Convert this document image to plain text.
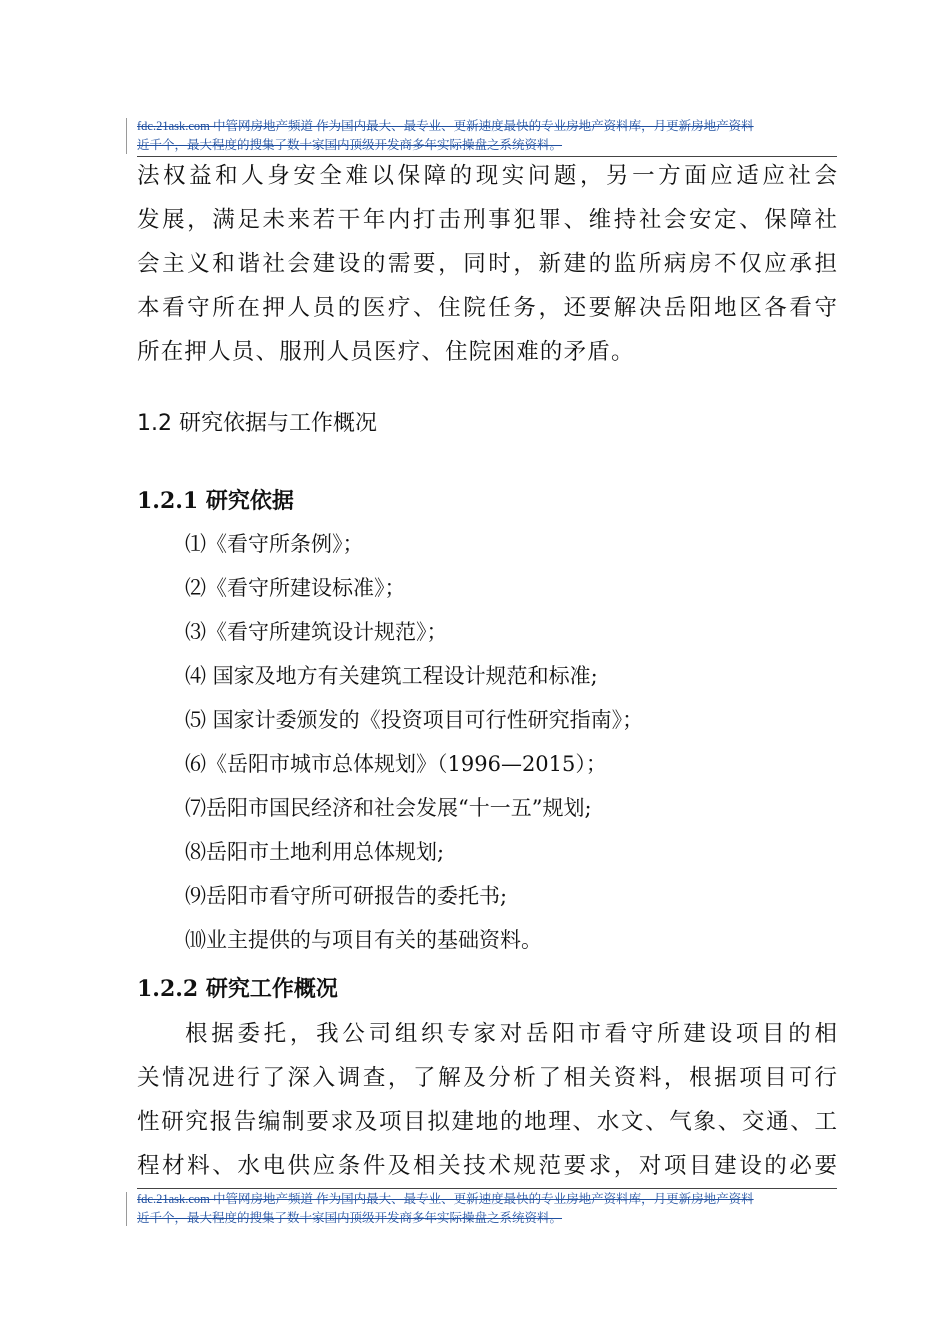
fdc.21ask.com 中管网房地产频道 作为国内最大、最专业、更新速度最快的专业房地产资料库，月更新房地产资料
近千个，最大程度的搜集了数十家国内顶级开发商多年实际操盘之系统资料。
法权益和人身安全难以保障的现实问题，另一方面应适应社会
发展，满足未来若干年内打击刑事犯罪、维持社会安定、保障社
会主义和谐社会建设的需要，同时，新建的监所病房不仅应承担
本看守所在押人员的医疗、住院任务，还要解决岳阳地区各看守
所在押人员、服刑人员医疗、住院困难的矛盾。
1.2 研究依据与工作概况
1.2.1 研究依据
⑴《看守所条例》；
⑵《看守所建设标准》；
⑶《看守所建筑设计规范》；
⑷ 国家及地方有关建筑工程设计规范和标准;
⑸ 国家计委颁发的《投资项目可行性研究指南》；
⑹《岳阳市城市总体规划》（1996—2015）；
⑺岳阳市国民经济和社会发展“十一五”规划;
⑻岳阳市土地利用总体规划;
⑼岳阳市看守所可研报告的委托书;
⑽业主提供的与项目有关的基础资料。
1.2.2 研究工作概况
根据委托，我公司组织专家对岳阳市看守所建设项目的相
关情况进行了深入调查，了解及分析了相关资料，根据项目可行
性研究报告编制要求及项目拟建地的地理、水文、气象、交通、工
程材料、水电供应条件及相关技术规范要求，对项目建设的必要
fdc.21ask.com 中管网房地产频道 作为国内最大、最专业、更新速度最快的专业房地产资料库，月更新房地产资料
近千个，最大程度的搜集了数十家国内顶级开发商多年实际操盘之系统资料。
